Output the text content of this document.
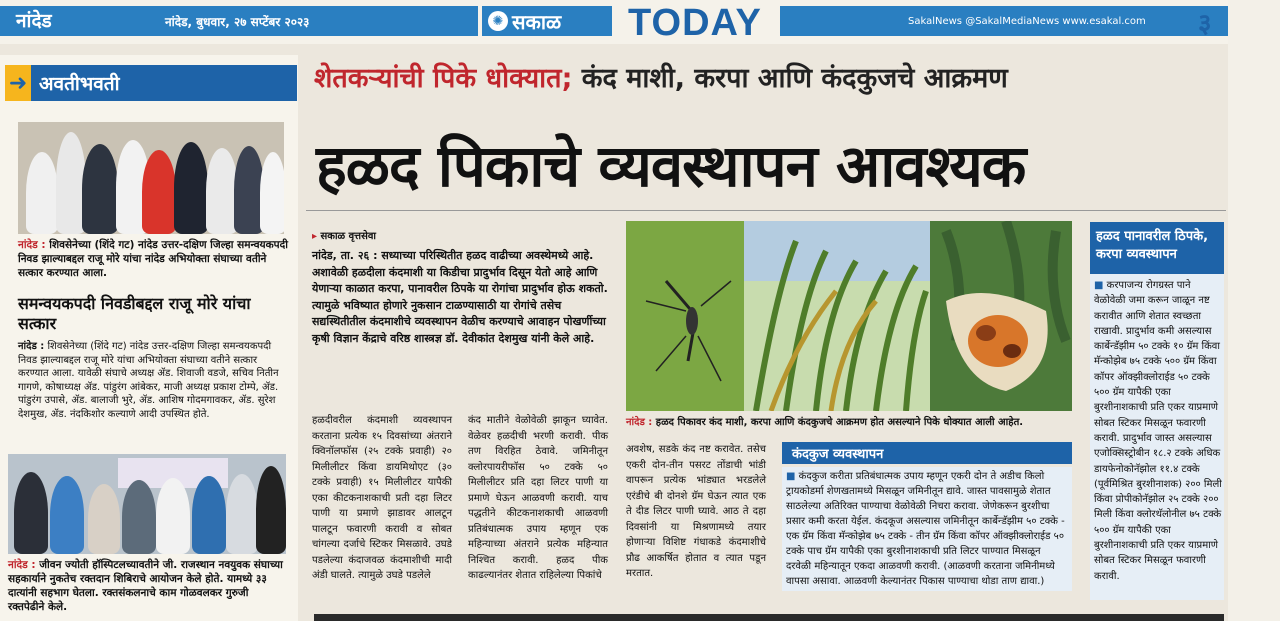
नांदेड	नांदेड, बुधवार, २७ सप्टेंबर २०२३	✺ सकाळ TODAY	SakalNews @SakalMediaNews www.esakal.com ३
➜ अवतीभवती
नांदेड : शिवसेनेच्या (शिंदे गट) नांदेड उत्तर-दक्षिण जिल्हा समन्वयकपदी निवड झाल्याबद्दल राजू मोरे यांचा नांदेड अभियोक्ता संघाच्या वतीने सत्कार करण्यात आला.
समन्वयकपदी निवडीबद्दल राजू मोरे यांचा सत्कार
नांदेड : शिवसेनेच्या (शिंदे गट) नांदेड उत्तर-दक्षिण जिल्हा समन्वयकपदी निवड झाल्याबद्दल राजू मोरे यांचा अभियोक्ता संघाच्या वतीने सत्कार करण्यात आला. यावेळी संघाचे अध्यक्ष ॲड. शिवाजी वडजे, सचिव नितीन गागणे, कोषाध्यक्ष ॲड. पांडुरंग आंबेकर, माजी अध्यक्ष प्रकाश टोम्पे, ॲड. पांडुरंग उपासे, ॲड. बालाजी भुरे, ॲड. आशिष गोदमगावकर, ॲड. सुरेश देशमुख, ॲड. नंदकिशोर कल्याणे आदी उपस्थित होते.
नांदेड : जीवन ज्योती हॉस्पिटलच्यावतीने जी. राजस्थान नवयुवक संघाच्या सहकार्याने नुकतेच रक्तदान शिबिराचे आयोजन केले होते. यामध्ये ३३ दात्यांनी सहभाग घेतला. रक्तसंकलनाचे काम गोळवलकर गुरुजी रक्तपेढीने केले.
शेतकऱ्यांची पिके धोक्यात; कंद माशी, करपा आणि कंदकुजचे आक्रमण
हळद पिकाचे व्यवस्थापन आवश्यक
▸ सकाळ वृत्तसेवा
नांदेड, ता. २६ : सध्याच्या परिस्थितीत हळद वाढीच्या अवस्थेमध्ये आहे. अशावेळी हळदीला कंदमाशी या किडीचा प्रादुर्भाव दिसून येतो आहे आणि येणाऱ्या काळात करपा, पानावरील ठिपके या रोगांचा प्रादुर्भाव होऊ शकतो. त्यामुळे भविष्यात होणारे नुकसान टाळण्यासाठी या रोगांचे तसेच सद्यस्थितीतील कंदमाशीचे व्यवस्थापन वेळीच करण्याचे आवाहन पोखर्णीच्या कृषी विज्ञान केंद्राचे वरिष्ठ शास्त्रज्ञ डॉ. देवीकांत देशमुख यांनी केले आहे.
हळदीवरील कंदमाशी व्यवस्थापन करताना प्रत्येक १५ दिवसांच्या अंतराने क्विनॉलफॉस (२५ टक्के प्रवाही) २० मिलीलीटर किंवा डायमिथोएट (३० टक्के प्रवाही) १५ मिलीलीटर यापैकी एका कीटकनाशकाची प्रती दहा लिटर पाणी या प्रमाणे झाडावर आलटून पालटून फवारणी करावी व सोबत चांगल्या दर्जाचे स्टिकर मिसळावे. उघडे पडलेल्या कंदाजवळ कंदमाशीची मादी अंडी घालते. त्यामुळे उघडे पडलेले
कंद मातीने वेळोवेळी झाकून घ्यावेत. वेळेवर हळदीची भरणी करावी. पीक तण विरहित ठेवावे. जमिनीतून क्लोरपायरीफॉस ५० टक्के ५० मिलीलीटर प्रति दहा लिटर पाणी या प्रमाणे घेऊन आळवणी करावी. याच पद्धतीने कीटकनाशकाची आळवणी प्रतिबंधात्मक उपाय म्हणून एक महिन्याच्या अंतराने प्रत्येक महिन्यात निश्चित करावी. हळद पीक काढल्यानंतर शेतात राहिलेल्या पिकांचे
अवशेष, सडके कंद नष्ट करावेत. तसेच एकरी दोन-तीन पसरट तोंडाची भांडी वापरून प्रत्येक भांड्यात भरडलेले एरंडीचे बी दोनशे ग्रॅम घेऊन त्यात एक ते दीड लिटर पाणी घ्यावे. आठ ते दहा दिवसांनी या मिश्रणामध्ये तयार होणाऱ्या विशिष्ट गंधाकडे कंदमाशीचे प्रौढ आकर्षित होतात व त्यात पडून मरतात.
नांदेड : हळद पिकावर कंद माशी, करपा आणि कंदकुजचे आक्रमण होत असल्याने पिके धोक्यात आली आहेत.
कंदकुज व्यवस्थापन
■ कंदकुज करीता प्रतिबंधात्मक उपाय म्हणून एकरी दोन ते अडीच किलो ट्रायकोडर्मा शेणखतामध्ये मिसळून जमिनीतून द्यावे. जास्त पावसामुळे शेतात साठलेल्या अतिरिक्त पाण्याचा वेळोवेळी निचरा करावा. जेणेकरून बुरशीचा प्रसार कमी करता येईल. कंदकूज असल्यास जमिनीतून कार्बेन्डॅझीम ५० टक्के - एक ग्रॅम किंवा मॅन्कोझेब ७५ टक्के - तीन ग्रॅम किंवा कॉपर ऑक्झीक्लोराईड ५० टक्के पाच ग्रॅम यापैकी एका बुरशीनाशकाची प्रति लिटर पाण्यात मिसळून दरवेळी महिन्यातून एकदा आळवणी करावी. (आळवणी करताना जमिनीमध्ये वापसा असावा. आळवणी केल्यानंतर पिकास पाण्याचा थोडा ताण द्यावा.)
हळद पानावरील ठिपके, करपा व्यवस्थापन
■ करपाजन्य रोगग्रस्त पाने वेळोवेळी जमा करून जाळून नष्ट करावीत आणि शेतात स्वच्छता राखावी. प्रादुर्भाव कमी असल्यास कार्बेन्डॅझीम ५० टक्के १० ग्रॅम किंवा मॅन्कोझेब ७५ टक्के ५०० ग्रॅम किंवा कॉपर ऑक्झीक्लोराईड ५० टक्के ५०० ग्रॅम यापैकी एका बुरशीनाशकाची प्रति एकर याप्रमाणे सोबत स्टिकर मिसळून फवारणी करावी. प्रादुर्भाव जास्त असल्यास एजोक्सिस्ट्रोबीन १८.२ टक्के अधिक डायफेनोकोनॅझोल ११.४ टक्के (पूर्वमिश्रित बुरशीनाशक) २०० मिली किंवा प्रोपीकोनॅझोल २५ टक्के २०० मिली किंवा क्लोरथॅलोनील ७५ टक्के ५०० ग्रॅम यापैकी एका बुरशीनाशकाची प्रति एकर याप्रमाणे सोबत स्टिकर मिसळून फवारणी करावी.
